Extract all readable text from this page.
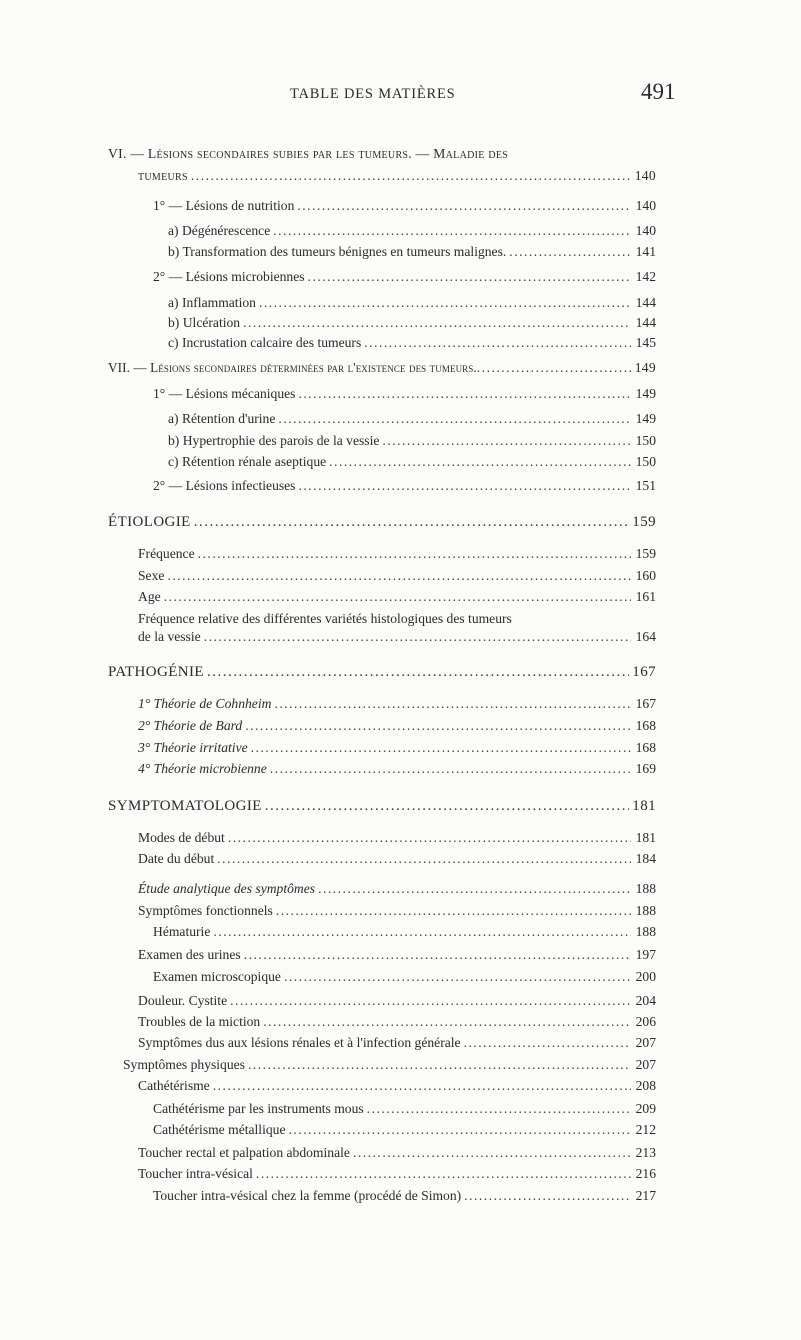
TABLE DES MATIÈRES	491
VI. — Lésions secondaires subies par les tumeurs. — Maladie des
tumeurs .....	140
1° — Lésions de nutrition .....	140
a) Dégénérescence .....	140
b) Transformation des tumeurs bénignes en tumeurs malignes. .....	141
2° — Lésions microbiennes .....	142
a) Inflammation .....	144
b) Ulcération .....	144
c) Incrustation calcaire des tumeurs .....	145
VII. — Lésions secondaires déterminées par l'existence des tumeurs. .....	149
1° — Lésions mécaniques .....	149
a) Rétention d'urine .....	149
b) Hypertrophie des parois de la vessie .....	150
c) Rétention rénale aseptique .....	150
2° — Lésions infectieuses .....	151
ÉTIOLOGIE .....	159
Fréquence .....	159
Sexe .....	160
Age .....	161
Fréquence relative des différentes variétés histologiques des tumeurs
de la vessie .....	164
PATHOGÉNIE .....	167
1° Théorie de Cohnheim .....	167
2° Théorie de Bard .....	168
3° Théorie irritative .....	168
4° Théorie microbienne .....	169
SYMPTOMATOLOGIE .....	181
Modes de début .....	181
Date du début .....	184
Étude analytique des symptômes .....	188
Symptômes fonctionnels .....	188
Hématurie .....	188
Examen des urines .....	197
Examen microscopique .....	200
Douleur. Cystite .....	204
Troubles de la miction .....	206
Symptômes dus aux lésions rénales et à l'infection générale .....	207
Symptômes physiques .....	207
Cathétérisme .....	208
Cathétérisme par les instruments mous .....	209
Cathétérisme métallique .....	212
Toucher rectal et palpation abdominale .....	213
Toucher intra-vésical .....	216
Toucher intra-vésical chez la femme (procédé de Simon) .....	217
